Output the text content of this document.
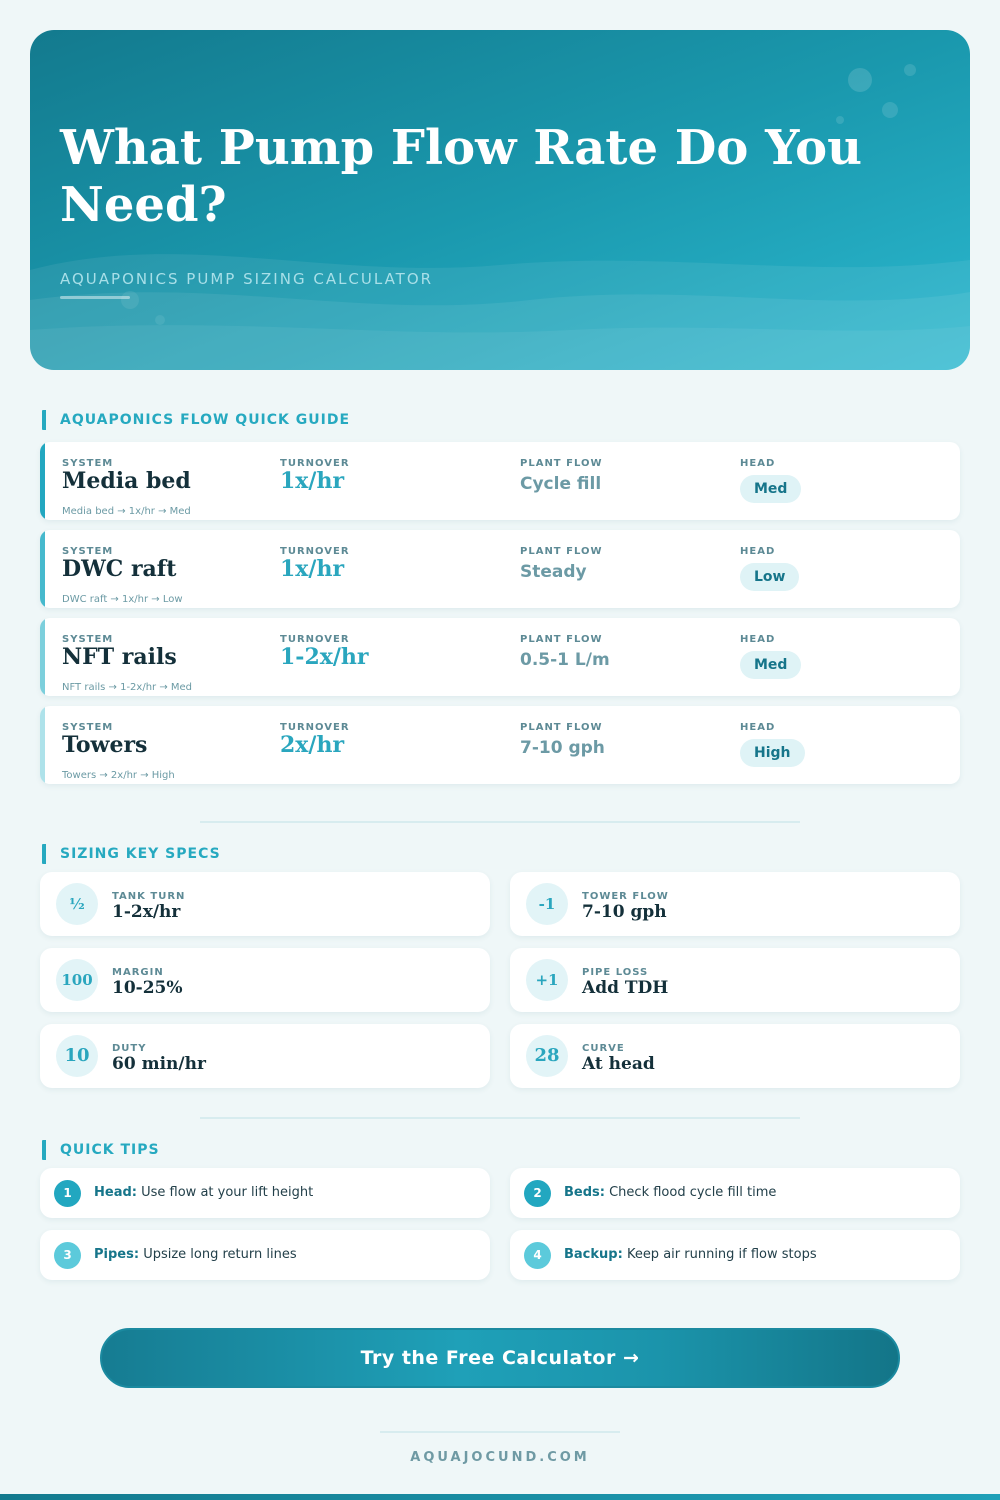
What Pump Flow Rate Do You Need?
AQUAPONICS PUMP SIZING CALCULATOR
AQUAPONICS FLOW QUICK GUIDE
SYSTEM
Media bed
TURNOVER
1x/hr
PLANT FLOW
Cycle fill
HEAD
Med
Media bed → 1x/hr → Med
SYSTEM
DWC raft
TURNOVER
1x/hr
PLANT FLOW
Steady
HEAD
Low
DWC raft → 1x/hr → Low
SYSTEM
NFT rails
TURNOVER
1-2x/hr
PLANT FLOW
0.5-1 L/m
HEAD
Med
NFT rails → 1-2x/hr → Med
SYSTEM
Towers
TURNOVER
2x/hr
PLANT FLOW
7-10 gph
HEAD
High
Towers → 2x/hr → High
SIZING KEY SPECS
½	TANK TURN
1-2x/hr	-1	TOWER FLOW
7-10 gph
100	MARGIN
10-25%	+1	PIPE LOSS
Add TDH
10	DUTY
60 min/hr	28	CURVE
At head
QUICK TIPS
1	Head: Use flow at your lift height	2	Beds: Check flood cycle fill time
3	Pipes: Upsize long return lines	4	Backup: Keep air running if flow stops
Try the Free Calculator →
AQUAJOCUND.COM
